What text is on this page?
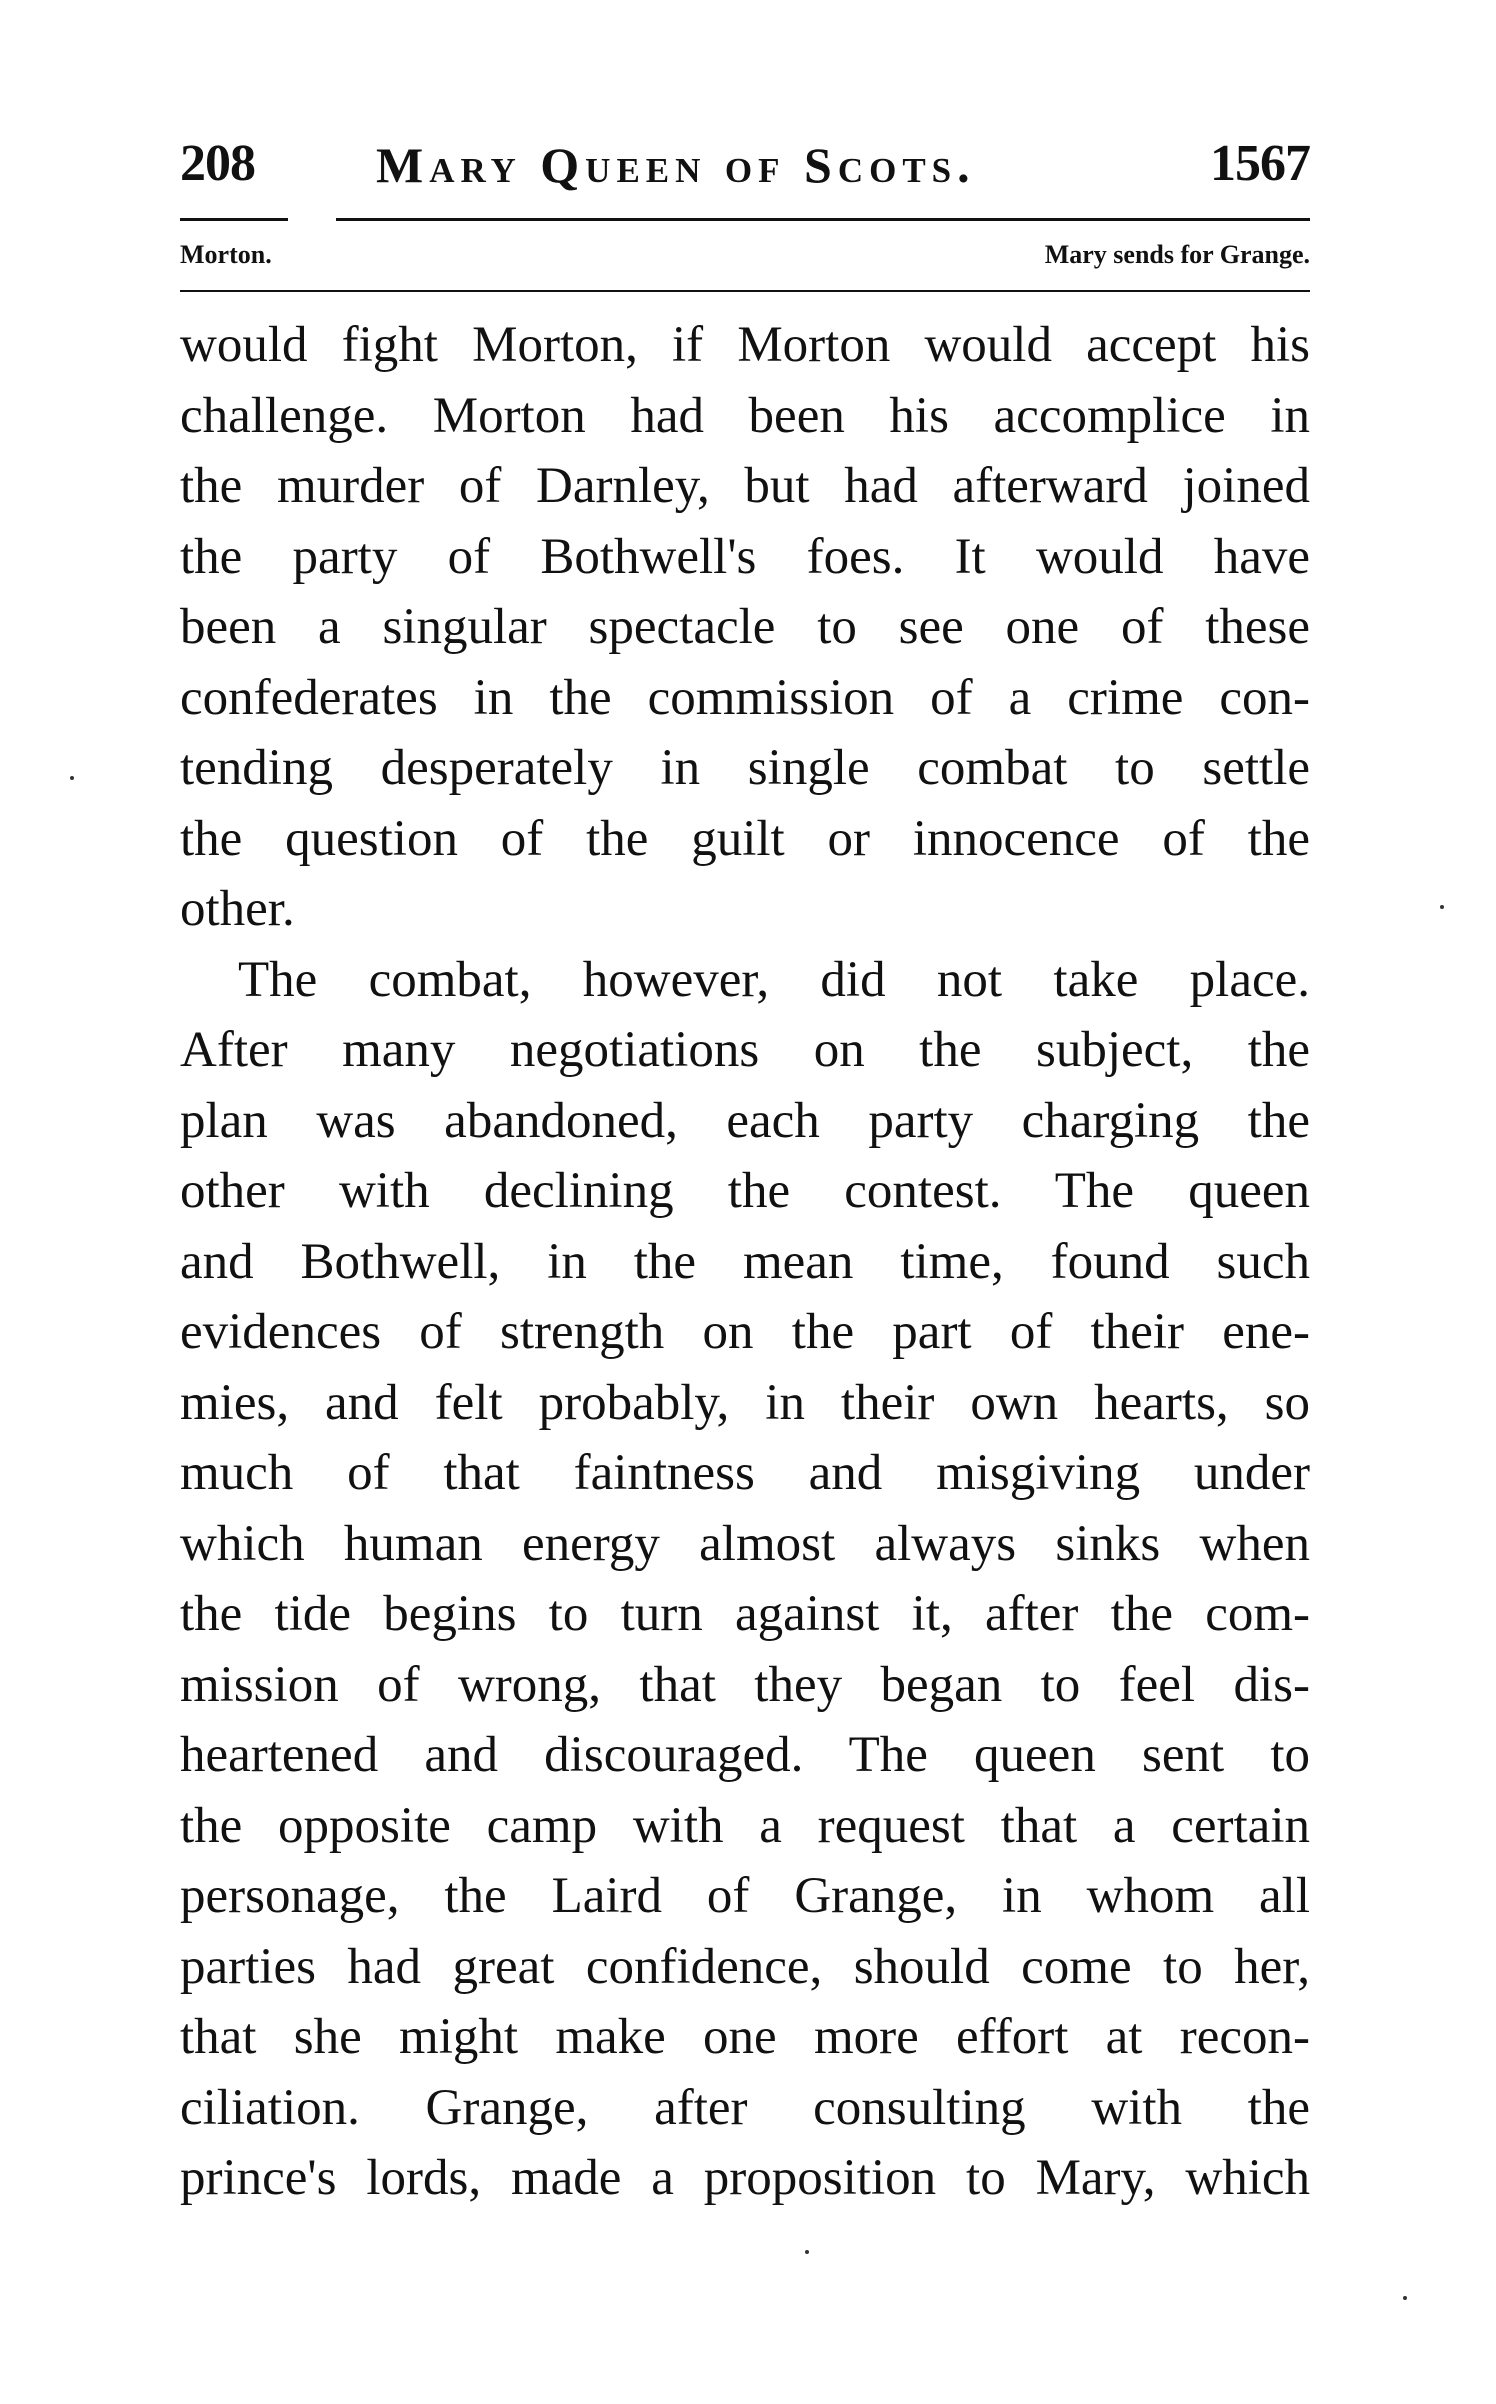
208 Mary Queen of Scots.	1567
Morton.	Mary sends for Grange.
would fight Morton, if Morton would accept his
challenge. Morton had been his accomplice in
the murder of Darnley, but had afterward joined
the party of Bothwell's foes. It would have
been a singular spectacle to see one of these
confederates in the commission of a crime con-
tending desperately in single combat to settle
the question of the guilt or innocence of the
other.
The combat, however, did not take place.
After many negotiations on the subject, the
plan was abandoned, each party charging the
other with declining the contest. The queen
and Bothwell, in the mean time, found such
evidences of strength on the part of their ene-
mies, and felt probably, in their own hearts, so
much of that faintness and misgiving under
which human energy almost always sinks when
the tide begins to turn against it, after the com-
mission of wrong, that they began to feel dis-
heartened and discouraged. The queen sent to
the opposite camp with a request that a certain
personage, the Laird of Grange, in whom all
parties had great confidence, should come to her,
that she might make one more effort at recon-
ciliation. Grange, after consulting with the
prince's lords, made a proposition to Mary, which
